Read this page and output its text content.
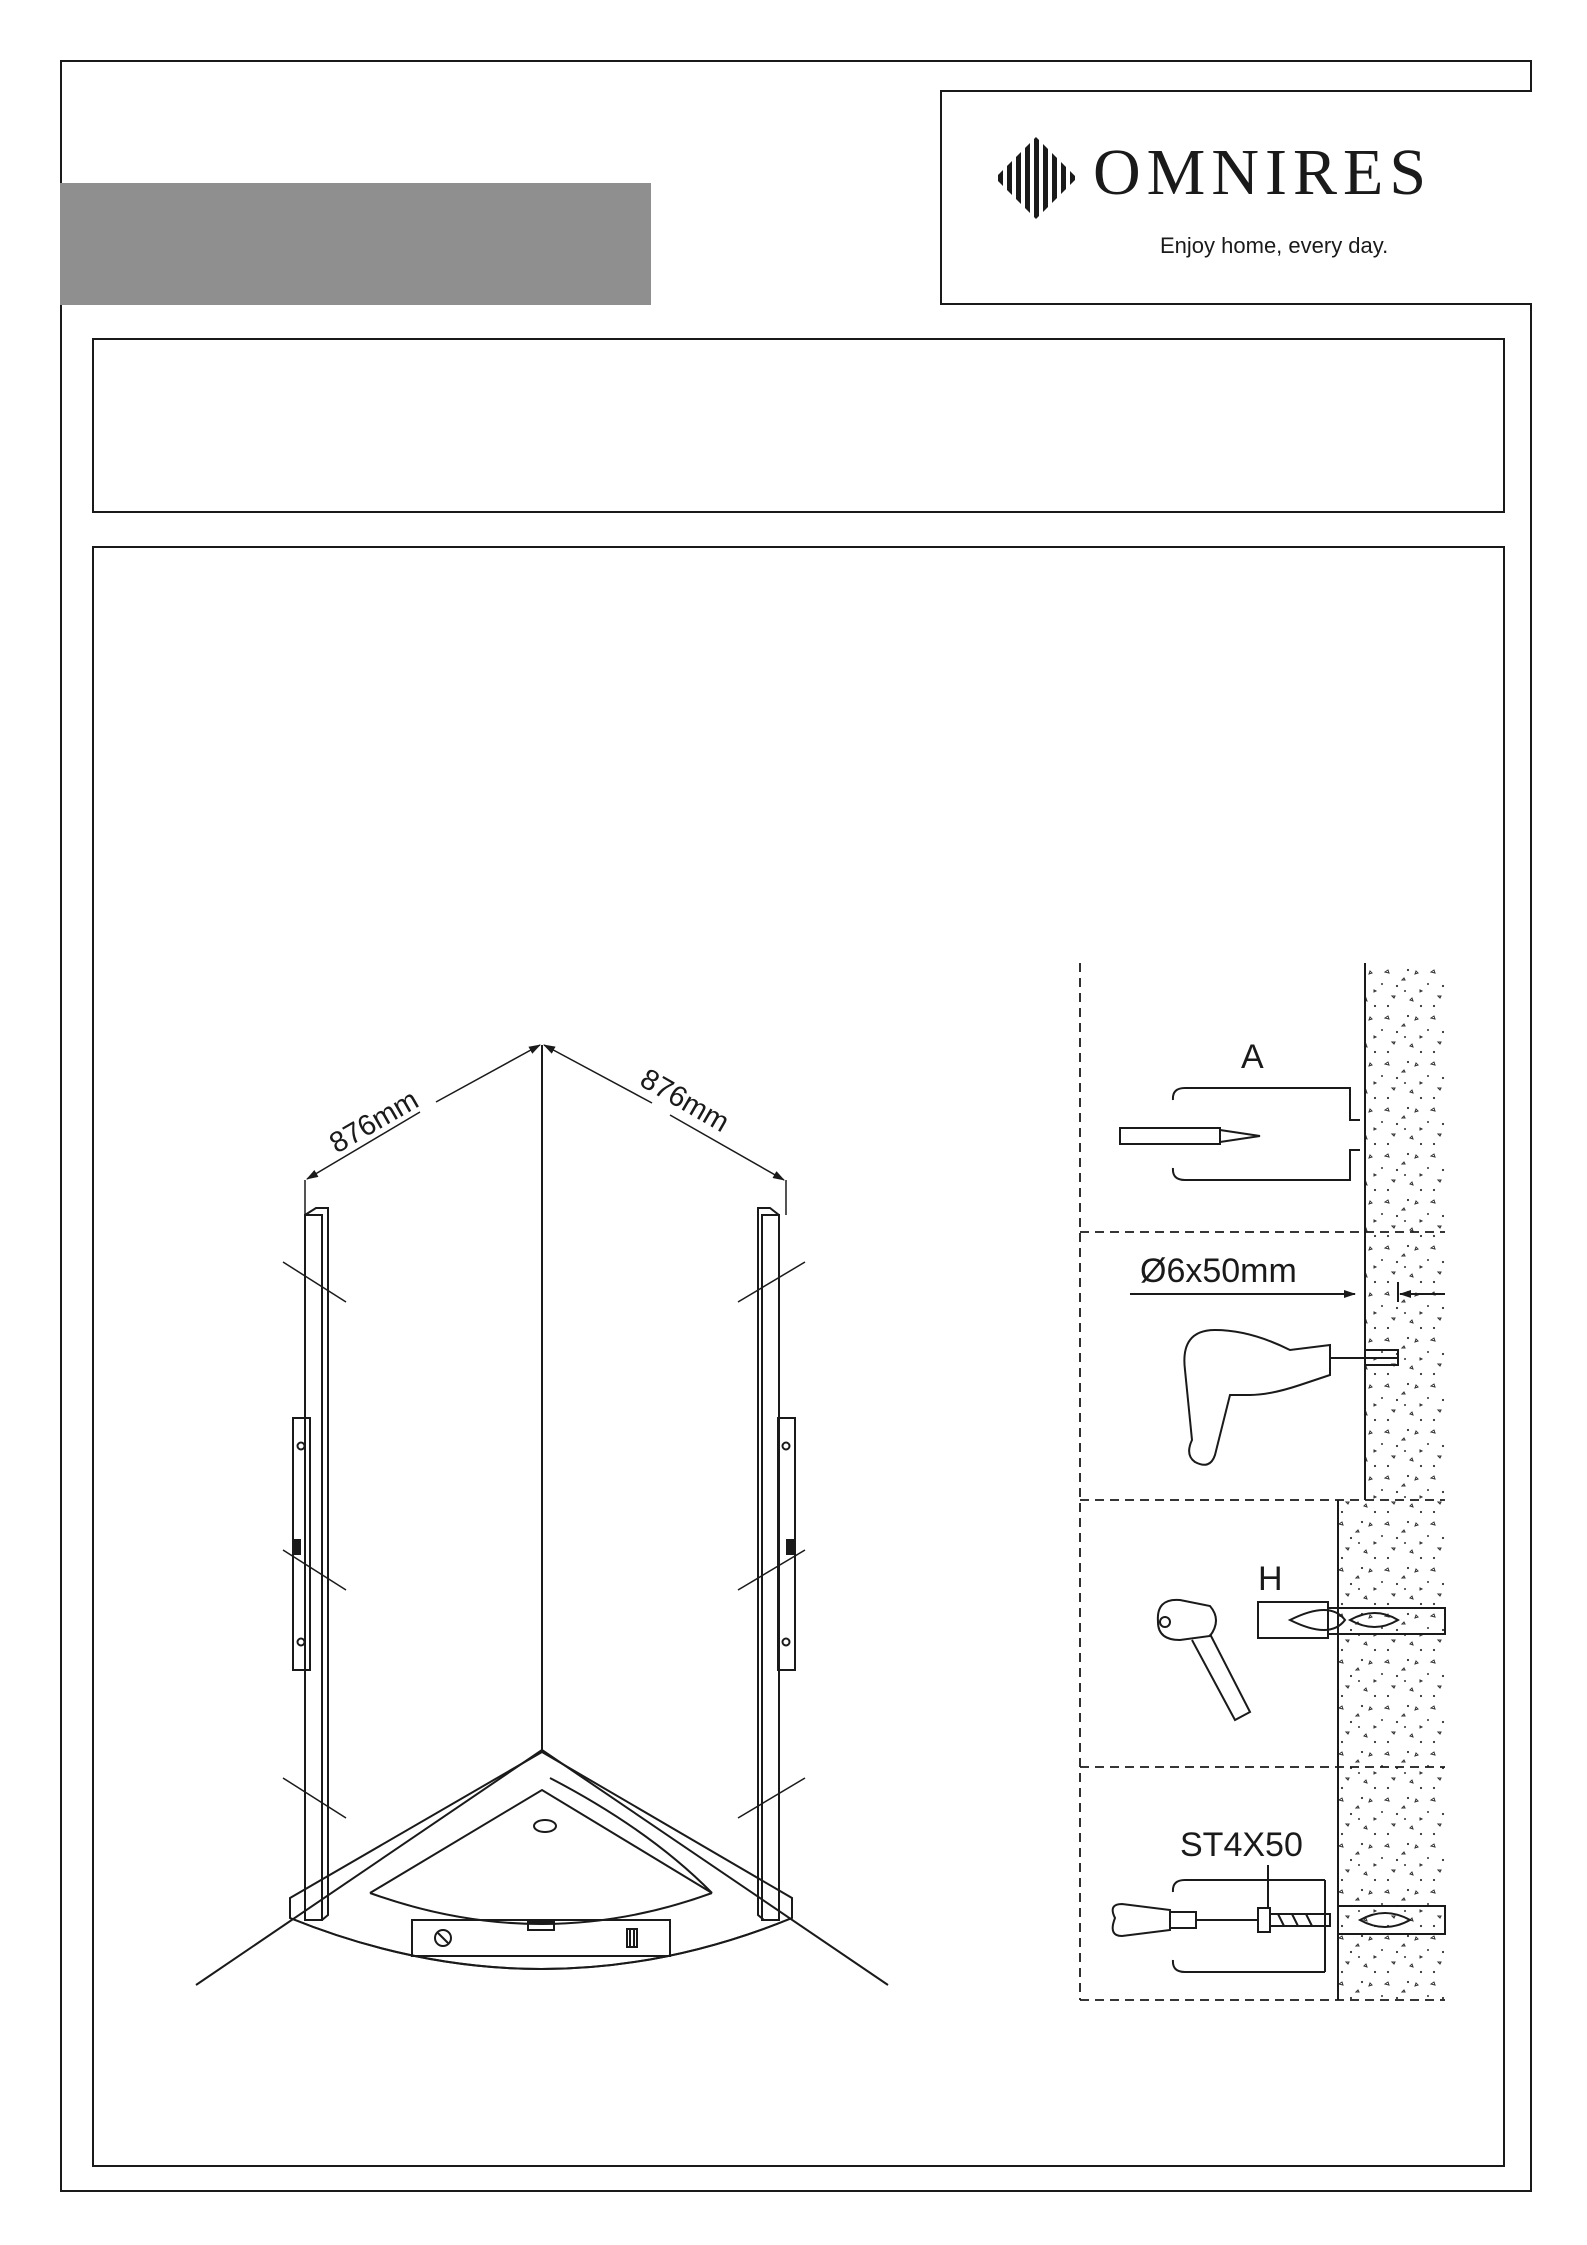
OMNIRES
Enjoy home, every day.
876mm	876mm
A
Ø6x50mm
H
ST4X50
